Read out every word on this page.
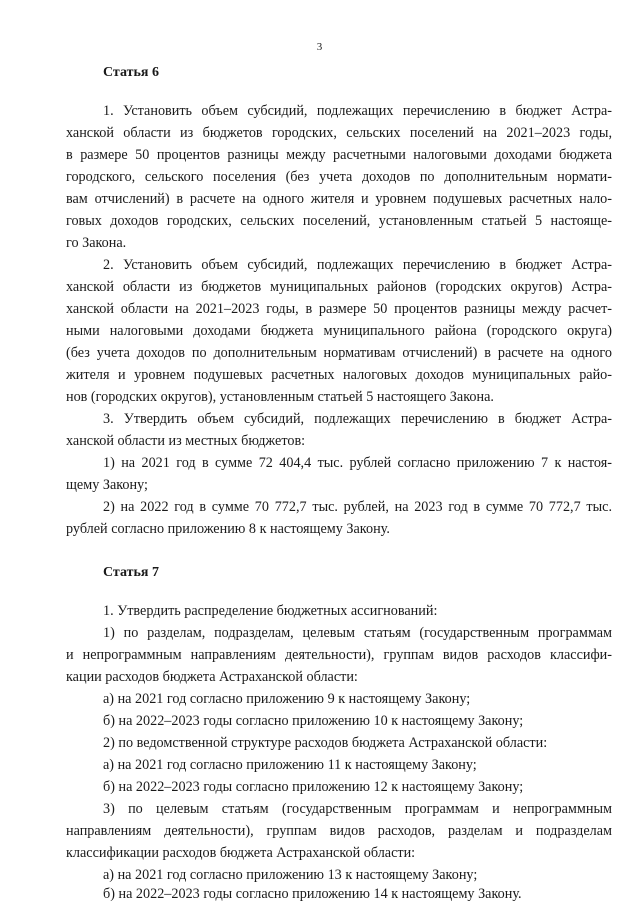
3
Статья 6
1. Установить объем субсидий, подлежащих перечислению в бюджет Астра-
ханской области из бюджетов городских, сельских поселений на 2021–2023 годы,
в размере 50 процентов разницы между расчетными налоговыми доходами бюджета
городского, сельского поселения (без учета доходов по дополнительным нормати-
вам отчислений) в расчете на одного жителя и уровнем подушевых расчетных нало-
говых доходов городских, сельских поселений, установленным статьей 5 настояще-
го Закона.
2. Установить объем субсидий, подлежащих перечислению в бюджет Астра-
ханской области из бюджетов муниципальных районов (городских округов) Астра-
ханской области на 2021–2023 годы, в размере 50 процентов разницы между расчет-
ными налоговыми доходами бюджета муниципального района (городского округа)
(без учета доходов по дополнительным нормативам отчислений) в расчете на одного
жителя и уровнем подушевых расчетных налоговых доходов муниципальных райо-
нов (городских округов), установленным статьей 5 настоящего Закона.
3. Утвердить объем субсидий, подлежащих перечислению в бюджет Астра-
ханской области из местных бюджетов:
1) на 2021 год в сумме 72 404,4 тыс. рублей согласно приложению 7 к настоя-
щему Закону;
2) на 2022 год в сумме 70 772,7 тыс. рублей, на 2023 год в сумме 70 772,7 тыс.
рублей согласно приложению 8 к настоящему Закону.
Статья 7
1. Утвердить распределение бюджетных ассигнований:
1) по разделам, подразделам, целевым статьям (государственным программам
и непрограммным направлениям деятельности), группам видов расходов классифи-
кации расходов бюджета Астраханской области:
а) на 2021 год согласно приложению 9 к настоящему Закону;
б) на 2022–2023 годы согласно приложению 10 к настоящему Закону;
2) по ведомственной структуре расходов бюджета Астраханской области:
а) на 2021 год согласно приложению 11 к настоящему Закону;
б) на 2022–2023 годы согласно приложению 12 к настоящему Закону;
3) по целевым статьям (государственным программам и непрограммным
направлениям деятельности), группам видов расходов, разделам и подразделам
классификации расходов бюджета Астраханской области:
а) на 2021 год согласно приложению 13 к настоящему Закону;
б) на 2022–2023 годы согласно приложению 14 к настоящему Закону.
